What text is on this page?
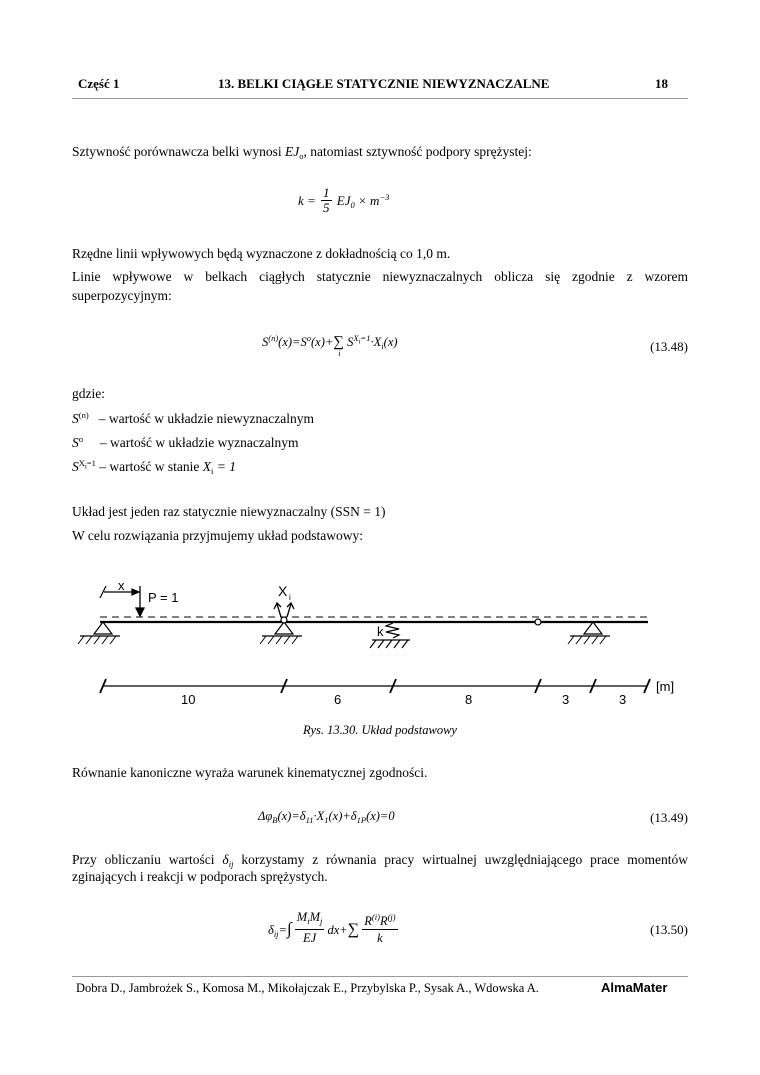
Część 1	13. BELKI CIĄGŁE STATYCZNIE NIEWYZNACZALNE	18
Sztywność porównawcza belki wynosi $EJ_o$, natomiast sztywność podpory sprężystej:
$k = \frac{1}{5} EJ_0 \times m^{-3}$
Rzędne linii wpływowych będą wyznaczone z dokładnością co 1,0 m.
Linie wpływowe w belkach ciągłych statycznie niewyznaczalnych oblicza się zgodnie z wzorem
superpozycyjnym:
$S^{(n)}(x)=S^o(x)+\sum$
i
$S^{X_i=1}\cdot X_i(x)$	(13.48)
gdzie:
$S^{(n)}$ – wartość w układzie niewyznaczalnym
$S^o$ – wartość w układzie wyznaczalnym
$S^{X_i=1}$ – wartość w stanie $X_i = 1$
Układ jest jeden raz statycznie niewyznaczalny (SSN = 1)
W celu rozwiązania przyjmujemy układ podstawowy:
x
P = 1	X i
k
[m]
10	6	8	3	3
Rys. 13.30. Układ podstawowy
Równanie kanoniczne wyraża warunek kinematycznej zgodności.
$\Delta\varphi_B(x)=\delta_{11}\cdot X_1(x)+\delta_{1P}(x)=0$	(13.49)
Przy obliczaniu wartości $\delta_{ij}$ korzystamy z równania pracy wirtualnej uwzględniającego prace momentów
zginających i reakcji w podporach sprężystych.
$\delta_{ij}=\int$
$M_iM_j$
EJ
$dx+\sum \frac{R^{(i)}R^{(j)}}{k}$	(13.50)
Dobra D., Jambrożek S., Komosa M., Mikołajczak E., Przybylska P., Sysak A., Wdowska A.	AlmaMater
